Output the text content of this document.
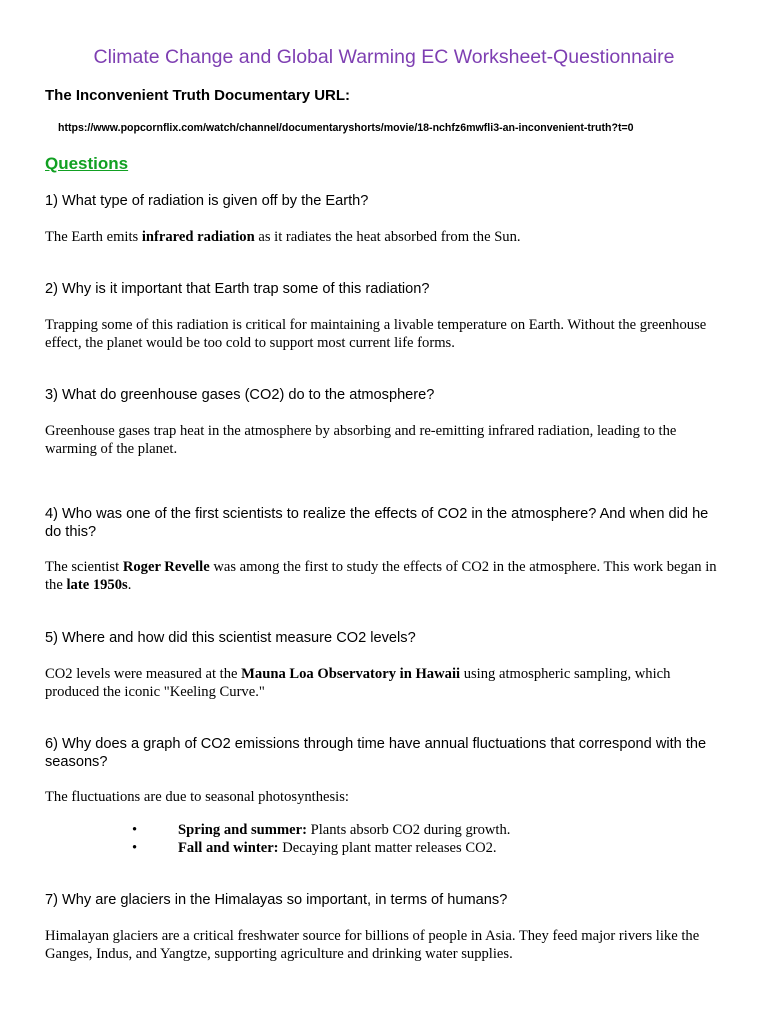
Climate Change and Global Warming EC Worksheet-Questionnaire
The Inconvenient Truth Documentary URL:
https://www.popcornflix.com/watch/channel/documentaryshorts/movie/18-nchfz6mwfli3-an-inconvenient-truth?t=0
Questions
1) What type of radiation is given off by the Earth?
The Earth emits infrared radiation as it radiates the heat absorbed from the Sun.
2) Why is it important that Earth trap some of this radiation?
Trapping some of this radiation is critical for maintaining a livable temperature on Earth. Without the greenhouse effect, the planet would be too cold to support most current life forms.
3) What do greenhouse gases (CO2) do to the atmosphere?
Greenhouse gases trap heat in the atmosphere by absorbing and re-emitting infrared radiation, leading to the warming of the planet.
4) Who was one of the first scientists to realize the effects of CO2 in the atmosphere? And when did he do this?
The scientist Roger Revelle was among the first to study the effects of CO2 in the atmosphere. This work began in the late 1950s.
5) Where and how did this scientist measure CO2 levels?
CO2 levels were measured at the Mauna Loa Observatory in Hawaii using atmospheric sampling, which produced the iconic "Keeling Curve."
6) Why does a graph of CO2 emissions through time have annual fluctuations that correspond with the seasons?
The fluctuations are due to seasonal photosynthesis:
•	Spring and summer: Plants absorb CO2 during growth.
•	Fall and winter: Decaying plant matter releases CO2.
7) Why are glaciers in the Himalayas so important, in terms of humans?
Himalayan glaciers are a critical freshwater source for billions of people in Asia. They feed major rivers like the Ganges, Indus, and Yangtze, supporting agriculture and drinking water supplies.
